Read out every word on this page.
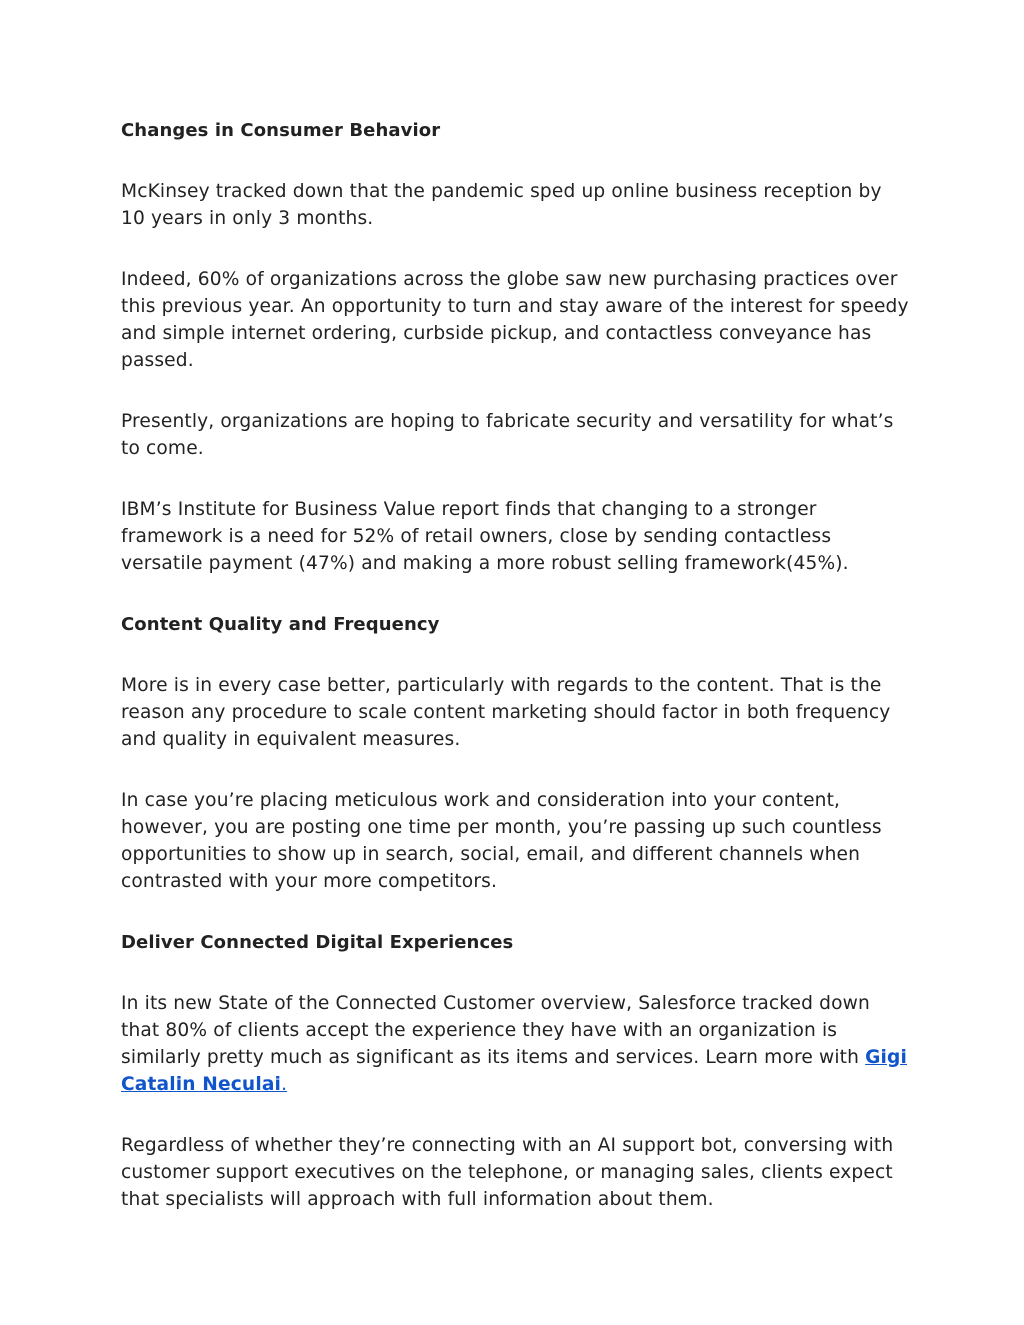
Changes in Consumer Behavior
McKinsey tracked down that the pandemic sped up online business reception by 10 years in only 3 months.
Indeed, 60% of organizations across the globe saw new purchasing practices over this previous year. An opportunity to turn and stay aware of the interest for speedy and simple internet ordering, curbside pickup, and contactless conveyance has passed.
Presently, organizations are hoping to fabricate security and versatility for what’s to come.
IBM’s Institute for Business Value report finds that changing to a stronger framework is a need for 52% of retail owners, close by sending contactless versatile payment (47%) and making a more robust selling framework(45%).
Content Quality and Frequency
More is in every case better, particularly with regards to the content. That is the reason any procedure to scale content marketing should factor in both frequency and quality in equivalent measures.
In case you’re placing meticulous work and consideration into your content, however, you are posting one time per month, you’re passing up such countless opportunities to show up in search, social, email, and different channels when contrasted with your more competitors.
Deliver Connected Digital Experiences
In its new State of the Connected Customer overview, Salesforce tracked down that 80% of clients accept the experience they have with an organization is similarly pretty much as significant as its items and services. Learn more with Gigi Catalin Neculai.
Regardless of whether they’re connecting with an AI support bot, conversing with customer support executives on the telephone, or managing sales, clients expect that specialists will approach with full information about them.
